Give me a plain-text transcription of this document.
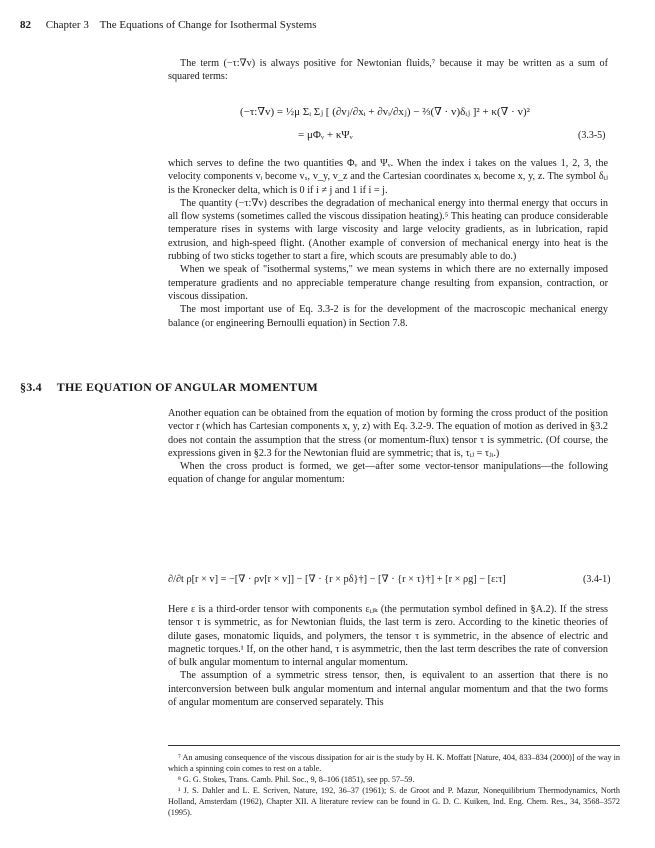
82 Chapter 3 The Equations of Change for Isothermal Systems

The term (−τ:∇v) is always positive for Newtonian fluids,⁷ because it may be written as a sum of squared terms:

(−τ:∇v) = ½μ Σᵢ Σⱼ [ (∂vⱼ/∂xᵢ + ∂vᵢ/∂xⱼ) − ⅔(∇ · v)δᵢⱼ ]² + κ(∇ · v)²
= μΦᵥ + κΨᵥ	(3.3-5)

which serves to define the two quantities Φᵥ and Ψᵥ. When the index i takes on the values 1, 2, 3, the velocity components vᵢ become vₓ, v_y, v_z and the Cartesian coordinates xᵢ become x, y, z. The symbol δᵢⱼ is the Kronecker delta, which is 0 if i ≠ j and 1 if i = j.

The quantity (−τ:∇v) describes the degradation of mechanical energy into thermal energy that occurs in all flow systems (sometimes called the viscous dissipation heating).⁵ This heating can produce considerable temperature rises in systems with large viscosity and large velocity gradients, as in lubrication, rapid extrusion, and high-speed flight. (Another example of conversion of mechanical energy into heat is the rubbing of two sticks together to start a fire, which scouts are presumably able to do.)

When we speak of "isothermal systems," we mean systems in which there are no externally imposed temperature gradients and no appreciable temperature change resulting from expansion, contraction, or viscous dissipation.

The most important use of Eq. 3.3-2 is for the development of the macroscopic mechanical energy balance (or engineering Bernoulli equation) in Section 7.8.

§3.4 THE EQUATION OF ANGULAR MOMENTUM

Another equation can be obtained from the equation of motion by forming the cross product of the position vector r (which has Cartesian components x, y, z) with Eq. 3.2-9. The equation of motion as derived in §3.2 does not contain the assumption that the stress (or momentum-flux) tensor τ is symmetric. (Of course, the expressions given in §2.3 for the Newtonian fluid are symmetric; that is, τᵢⱼ = τⱼᵢ.)

When the cross product is formed, we get—after some vector-tensor manipulations—the following equation of change for angular momentum:

∂/∂t ρ[r × v] = −[∇ · ρv[r × v]] − [∇ · {r × pδ}†] − [∇ · {r × τ}†] + [r × ρg] − [ε:τ]	(3.4-1)

Here ε is a third-order tensor with components εᵢⱼₖ (the permutation symbol defined in §A.2). If the stress tensor τ is symmetric, as for Newtonian fluids, the last term is zero. According to the kinetic theories of dilute gases, monatomic liquids, and polymers, the tensor τ is symmetric, in the absence of electric and magnetic torques.¹ If, on the other hand, τ is asymmetric, then the last term describes the rate of conversion of bulk angular momentum to internal angular momentum.

The assumption of a symmetric stress tensor, then, is equivalent to an assertion that there is no interconversion between bulk angular momentum and internal angular momentum and that the two forms of angular momentum are conserved separately. This

⁷ An amusing consequence of the viscous dissipation for air is the study by H. K. Moffatt [Nature, 404, 833–834 (2000)] of the way in which a spinning coin comes to rest on a table.

⁸ G. G. Stokes, Trans. Camb. Phil. Soc., 9, 8–106 (1851), see pp. 57–59.

¹ J. S. Dahler and L. E. Scriven, Nature, 192, 36–37 (1961); S. de Groot and P. Mazur, Nonequilibrium Thermodynamics, North Holland, Amsterdam (1962), Chapter XII. A literature review can be found in G. D. C. Kuiken, Ind. Eng. Chem. Res., 34, 3568–3572 (1995).
